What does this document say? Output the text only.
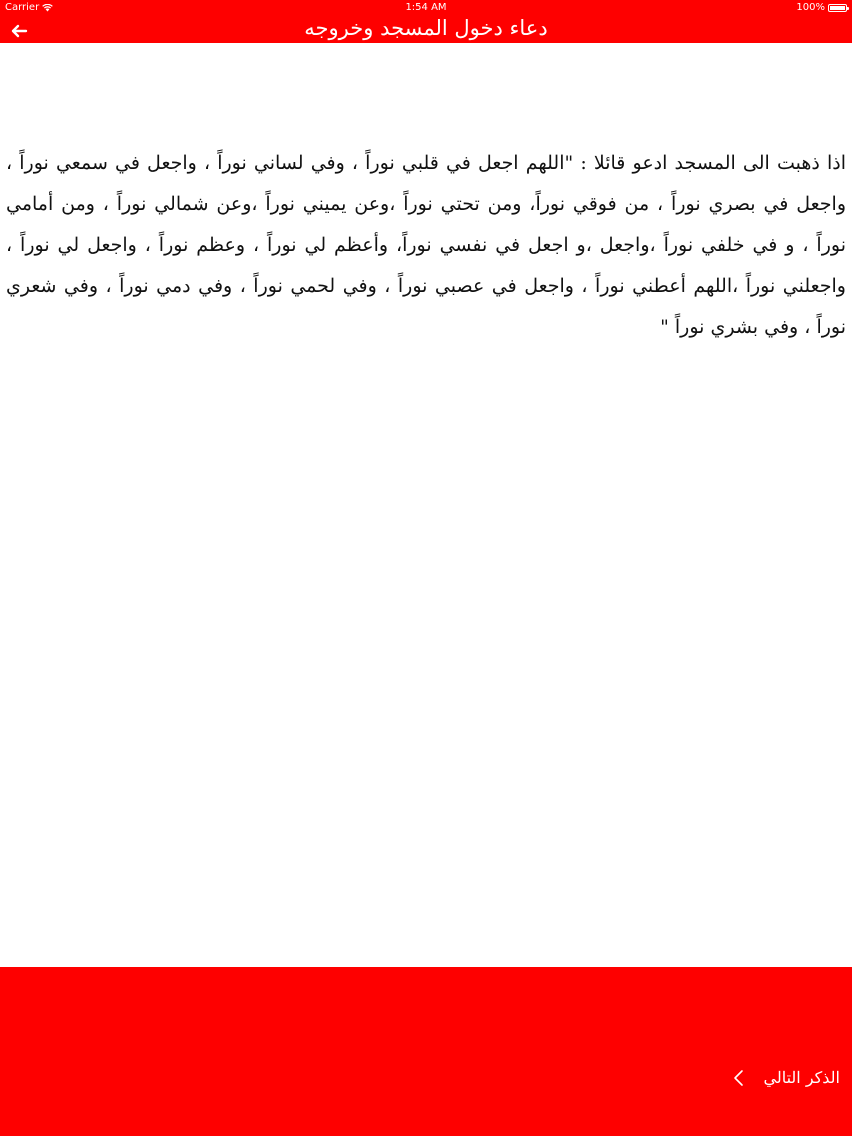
Carrier	1:54 AM	100%
دعاء دخول المسجد وخروجه
اذا ذهبت الى المسجد ادعو قائلا : "اللهم اجعل في قلبي نوراً ، وفي لساني نوراً ، واجعل في سمعي نوراً ، واجعل في بصري نوراً ، من فوقي نوراً، ومن تحتي نوراً ،وعن يميني نوراً ،وعن شمالي نوراً ، ومن أمامي نوراً ، و في خلفي نوراً ،واجعل ،و اجعل في نفسي نوراً، وأعظم لي نوراً ، وعظم نوراً ، واجعل لي نوراً ، واجعلني نوراً ،اللهم أعطني نوراً ، واجعل في عصبي نوراً ، وفي لحمي نوراً ، وفي دمي نوراً ، وفي شعري نوراً ، وفي بشري نوراً "
الذكر التالي
